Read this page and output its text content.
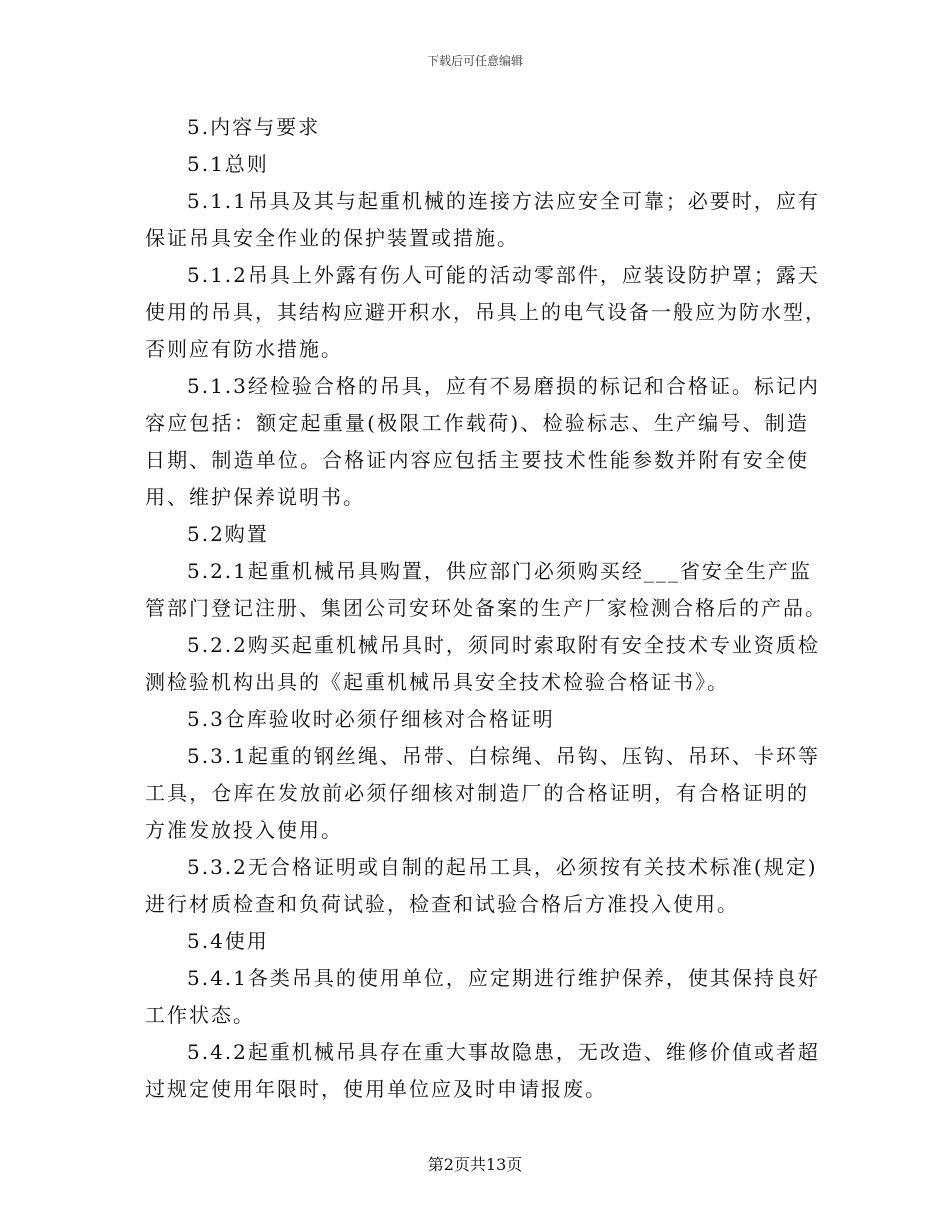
下载后可任意编辑

5.内容与要求

5.1总则

5.1.1吊具及其与起重机械的连接方法应安全可靠；必要时，应有
保证吊具安全作业的保护装置或措施。

5.1.2吊具上外露有伤人可能的活动零部件，应装设防护罩；露天
使用的吊具，其结构应避开积水，吊具上的电气设备一般应为防水型，
否则应有防水措施。

5.1.3经检验合格的吊具，应有不易磨损的标记和合格证。标记内
容应包括：额定起重量(极限工作载荷)、检验标志、生产编号、制造
日期、制造单位。合格证内容应包括主要技术性能参数并附有安全使
用、维护保养说明书。

5.2购置

5.2.1起重机械吊具购置，供应部门必须购买经___省安全生产监
管部门登记注册、集团公司安环处备案的生产厂家检测合格后的产品。

5.2.2购买起重机械吊具时，须同时索取附有安全技术专业资质检
测检验机构出具的《起重机械吊具安全技术检验合格证书》。

5.3仓库验收时必须仔细核对合格证明

5.3.1起重的钢丝绳、吊带、白棕绳、吊钩、压钩、吊环、卡环等
工具，仓库在发放前必须仔细核对制造厂的合格证明，有合格证明的
方准发放投入使用。

5.3.2无合格证明或自制的起吊工具，必须按有关技术标准(规定)
进行材质检查和负荷试验，检查和试验合格后方准投入使用。

5.4使用

5.4.1各类吊具的使用单位，应定期进行维护保养，使其保持良好
工作状态。

5.4.2起重机械吊具存在重大事故隐患，无改造、维修价值或者超
过规定使用年限时，使用单位应及时申请报废。

第2页共13页
